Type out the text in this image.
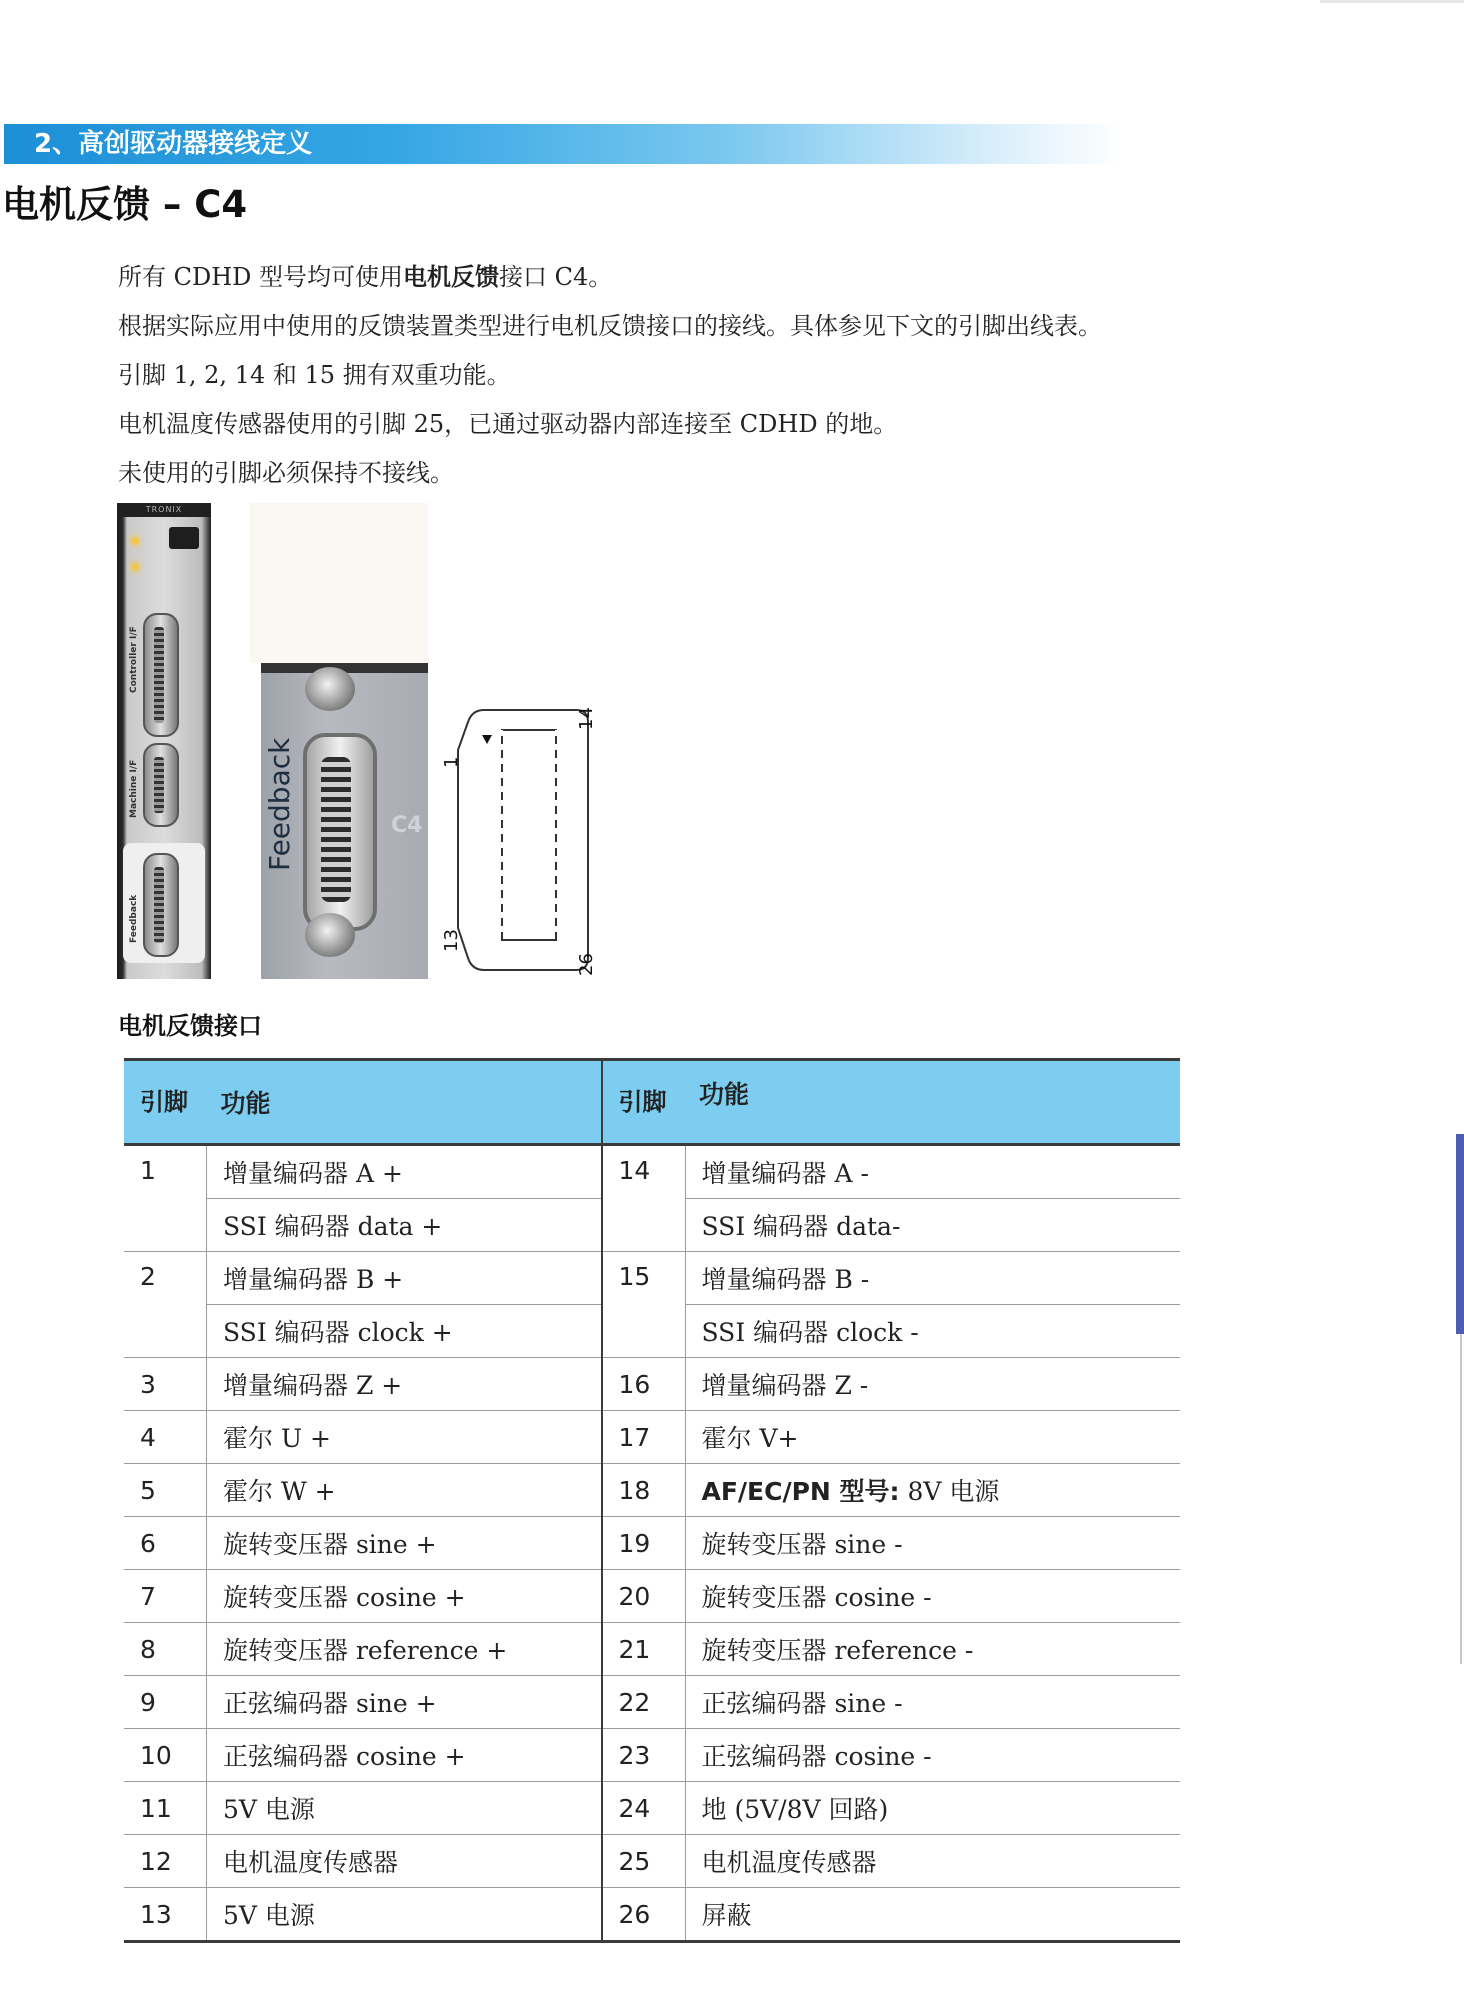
2、高创驱动器接线定义
电机反馈 – C4

所有 CDHD 型号均可使用电机反馈接口 C4。

根据实际应用中使用的反馈装置类型进行电机反馈接口的接线。具体参见下文的引脚出线表。

引脚 1, 2, 14 和 15 拥有双重功能。

电机温度传感器使用的引脚 25，已通过驱动器内部连接至 CDHD 的地。

未使用的引脚必须保持不接线。

TRONIX
Controller I/F
Machine I/F
Feedback
Feedback	C4
1
14
13
26
电机反馈接口
引脚	功能	引脚	功能
1	增量编码器 A +	14	增量编码器 A -
	SSI 编码器 data +		SSI 编码器 data-
2	增量编码器 B +	15	增量编码器 B -
	SSI 编码器 clock +		SSI 编码器 clock -
3	增量编码器 Z +	16	增量编码器 Z -
4	霍尔 U +	17	霍尔 V+
5	霍尔 W +	18	AF/EC/PN 型号: 8V 电源
6	旋转变压器 sine +	19	旋转变压器 sine -
7	旋转变压器 cosine +	20	旋转变压器 cosine -
8	旋转变压器 reference +	21	旋转变压器 reference -
9	正弦编码器 sine +	22	正弦编码器 sine -
10	正弦编码器 cosine +	23	正弦编码器 cosine -
11	5V 电源	24	地 (5V/8V 回路)
12	电机温度传感器	25	电机温度传感器
13	5V 电源	26	屏蔽
